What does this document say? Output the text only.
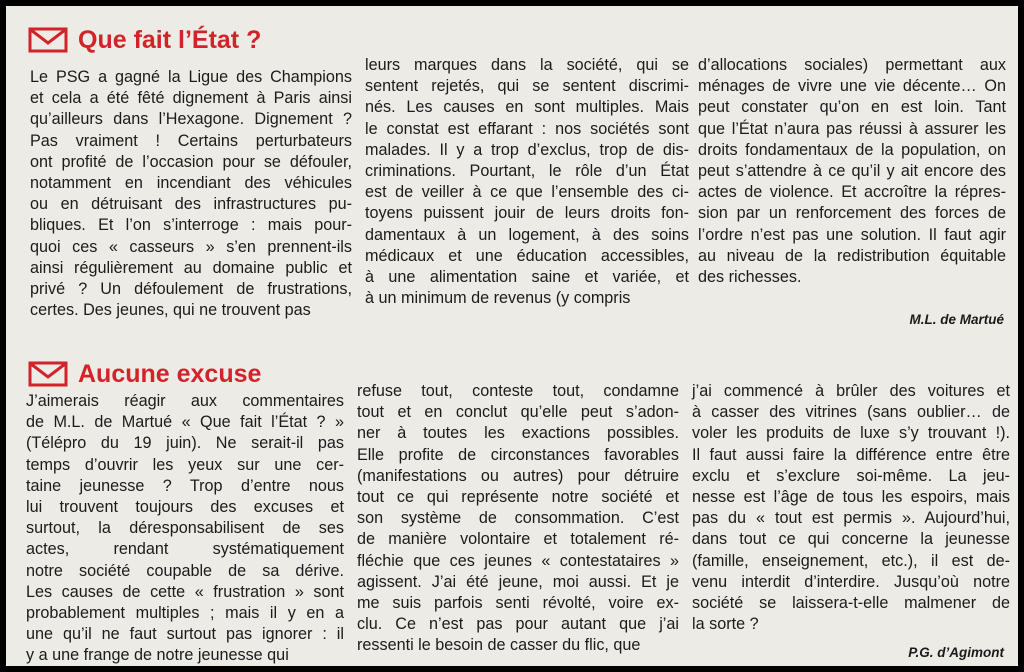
Que fait l’État ?

Le PSG a gagné la Ligue des Champions
et cela a été fêté dignement à Paris ainsi
qu’ailleurs dans l’Hexagone. Dignement ?
Pas vraiment ! Certains perturbateurs
ont profité de l’occasion pour se défouler,
notamment en incendiant des véhicules
ou en détruisant des infrastructures pu-
bliques. Et l’on s’interroge : mais pour-
quoi ces « casseurs » s’en prennent-ils
ainsi régulièrement au domaine public et
privé ? Un défoulement de frustrations,
certes. Des jeunes, qui ne trouvent pas

leurs marques dans la société, qui se
sentent rejetés, qui se sentent discrimi-
nés. Les causes en sont multiples. Mais
le constat est effarant : nos sociétés sont
malades. Il y a trop d’exclus, trop de dis-
criminations. Pourtant, le rôle d’un État
est de veiller à ce que l’ensemble des ci-
toyens puissent jouir de leurs droits fon-
damentaux à un logement, à des soins
médicaux et une éducation accessibles,
à une alimentation saine et variée, et
à un minimum de revenus (y compris

d’allocations sociales) permettant aux
ménages de vivre une vie décente… On
peut constater qu’on en est loin. Tant
que l’État n’aura pas réussi à assurer les
droits fondamentaux de la population, on
peut s’attendre à ce qu’il y ait encore des
actes de violence. Et accroître la répres-
sion par un renforcement des forces de
l’ordre n’est pas une solution. Il faut agir
au niveau de la redistribution équitable
des richesses.

M.L. de Martué
Aucune excuse

J’aimerais réagir aux commentaires
de M.L. de Martué « Que fait l’État ? »
(Télépro du 19 juin). Ne serait-il pas
temps d’ouvrir les yeux sur une cer-
taine jeunesse ? Trop d’entre nous
lui trouvent toujours des excuses et
surtout, la déresponsabilisent de ses
actes, rendant systématiquement
notre société coupable de sa dérive.
Les causes de cette « frustration » sont
probablement multiples ; mais il y en a
une qu’il ne faut surtout pas ignorer : il
y a une frange de notre jeunesse qui

refuse tout, conteste tout, condamne
tout et en conclut qu’elle peut s’adon-
ner à toutes les exactions possibles.
Elle profite de circonstances favorables
(manifestations ou autres) pour détruire
tout ce qui représente notre société et
son système de consommation. C’est
de manière volontaire et totalement ré-
fléchie que ces jeunes « contestataires »
agissent. J’ai été jeune, moi aussi. Et je
me suis parfois senti révolté, voire ex-
clu. Ce n’est pas pour autant que j’ai
ressenti le besoin de casser du flic, que

j’ai commencé à brûler des voitures et
à casser des vitrines (sans oublier… de
voler les produits de luxe s’y trouvant !).
Il faut aussi faire la différence entre être
exclu et s’exclure soi-même. La jeu-
nesse est l’âge de tous les espoirs, mais
pas du « tout est permis ». Aujourd’hui,
dans tout ce qui concerne la jeunesse
(famille, enseignement, etc.), il est de-
venu interdit d’interdire. Jusqu’où notre
société se laissera-t-elle malmener de
la sorte ?

P.G. d’Agimont
